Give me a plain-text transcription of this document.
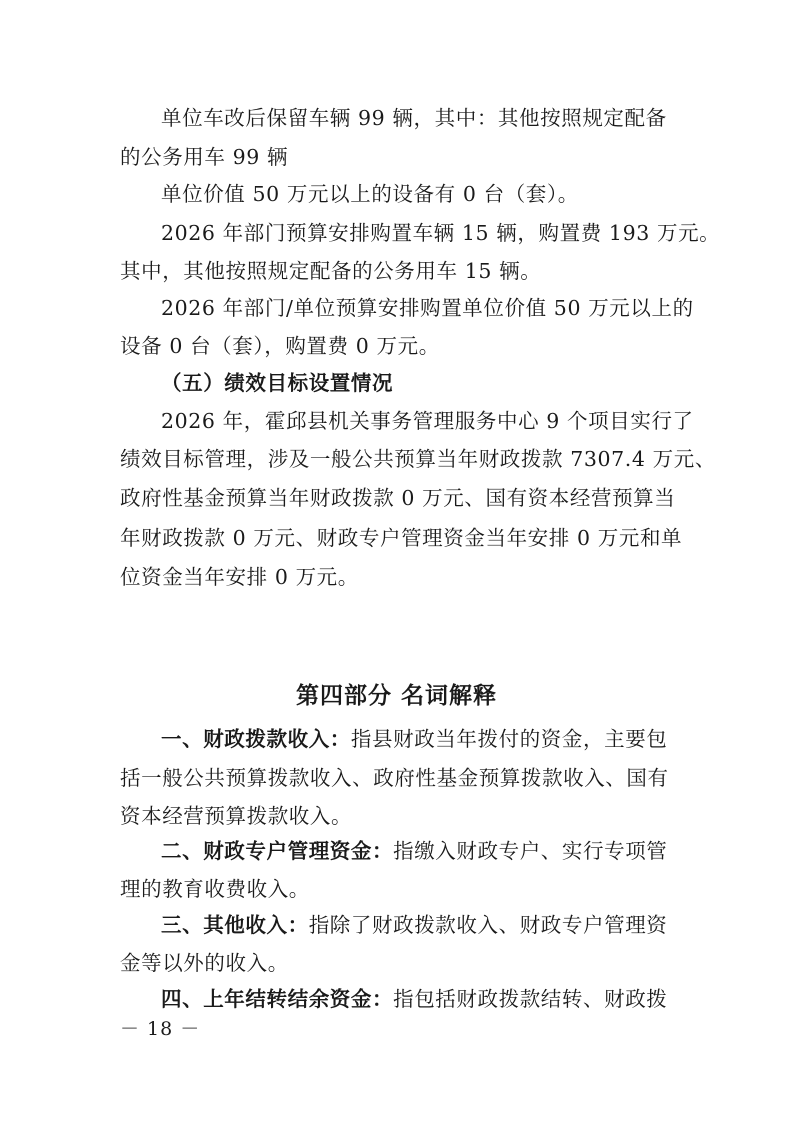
单位车改后保留车辆 99 辆，其中：其他按照规定配备
的公务用车 99 辆
单位价值 50 万元以上的设备有 0 台（套）。
2026 年部门预算安排购置车辆 15 辆，购置费 193 万元。
其中，其他按照规定配备的公务用车 15 辆。
2026 年部门/单位预算安排购置单位价值 50 万元以上的
设备 0 台（套），购置费 0 万元。
（五）绩效目标设置情况
2026 年，霍邱县机关事务管理服务中心 9 个项目实行了
绩效目标管理，涉及一般公共预算当年财政拨款 7307.4 万元、
政府性基金预算当年财政拨款 0 万元、国有资本经营预算当
年财政拨款 0 万元、财政专户管理资金当年安排 0 万元和单
位资金当年安排 0 万元。
第四部分 名词解释
一、财政拨款收入：指县财政当年拨付的资金，主要包
括一般公共预算拨款收入、政府性基金预算拨款收入、国有
资本经营预算拨款收入。
二、财政专户管理资金：指缴入财政专户、实行专项管
理的教育收费收入。
三、其他收入：指除了财政拨款收入、财政专户管理资
金等以外的收入。
四、上年结转结余资金：指包括财政拨款结转、财政拨
－ 18 －
